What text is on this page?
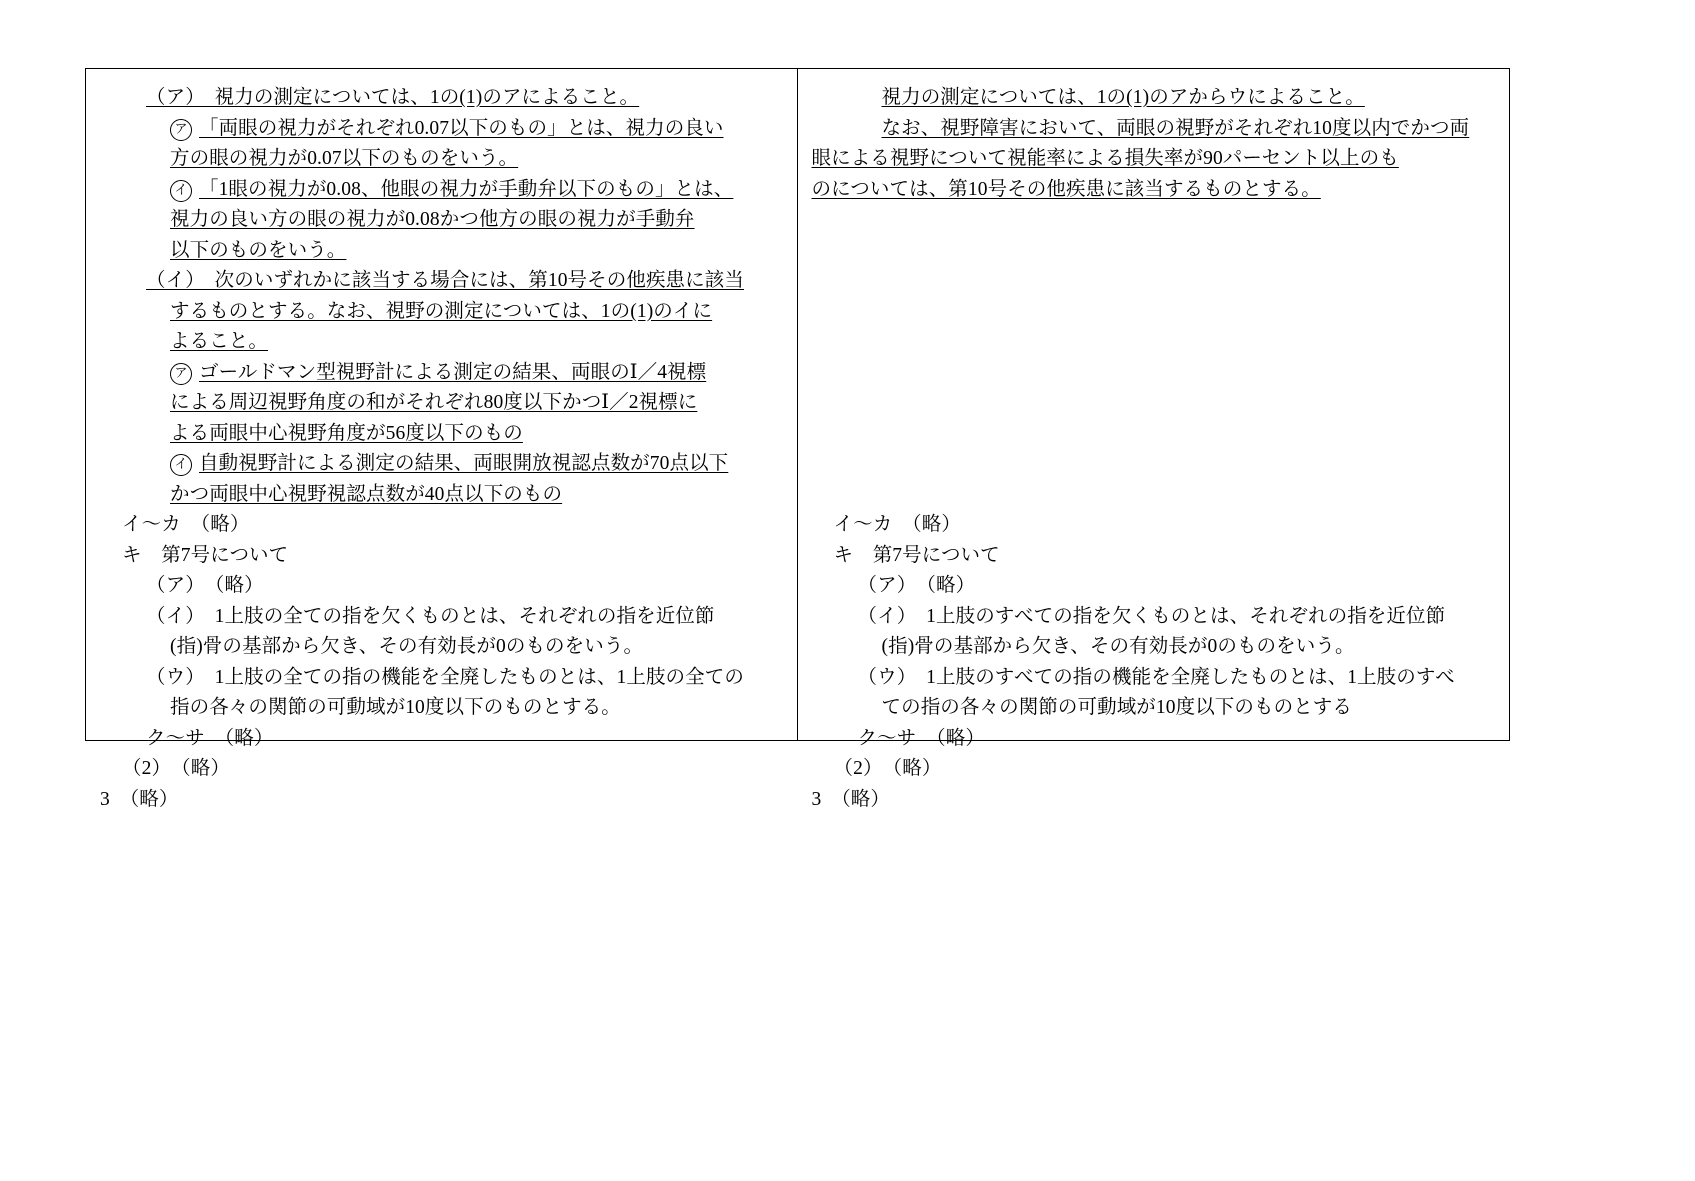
（ア）　視力の測定については、1の(1)のアによること。
ア 「両眼の視力がそれぞれ0.07以下のもの」とは、視力の良い
方の眼の視力が0.07以下のものをいう。
イ 「1眼の視力が0.08、他眼の視力が手動弁以下のもの」とは、
視力の良い方の眼の視力が0.08かつ他方の眼の視力が手動弁
以下のものをいう。
（イ）　次のいずれかに該当する場合には、第10号その他疾患に該当
するものとする。なお、視野の測定については、1の(1)のイに
よること。
ア ゴールドマン型視野計による測定の結果、両眼のⅠ／4視標
による周辺視野角度の和がそれぞれ80度以下かつⅠ／2視標に
よる両眼中心視野角度が56度以下のもの
イ 自動視野計による測定の結果、両眼開放視認点数が70点以下
かつ両眼中心視野視認点数が40点以下のもの
イ～カ　（略）
キ　第7号について
（ア）　（略）
（イ）　1上肢の全ての指を欠くものとは、それぞれの指を近位節
(指)骨の基部から欠き、その有効長が0のものをいう。
（ウ）　1上肢の全ての指の機能を全廃したものとは、1上肢の全ての
指の各々の関節の可動域が10度以下のものとする。
ク～サ　（略）
（2）　（略）
3　（略）
視力の測定については、1の(1)のアからウによること。
なお、視野障害において、両眼の視野がそれぞれ10度以内でかつ両
眼による視野について視能率による損失率が90パーセント以上のも
のについては、第10号その他疾患に該当するものとする。

イ～カ　（略）
キ　第7号について
（ア）　（略）
（イ）　1上肢のすべての指を欠くものとは、それぞれの指を近位節
(指)骨の基部から欠き、その有効長が0のものをいう。
（ウ）　1上肢のすべての指の機能を全廃したものとは、1上肢のすべ
ての指の各々の関節の可動域が10度以下のものとする
ク～サ　（略）
（2）　（略）
3　（略）
